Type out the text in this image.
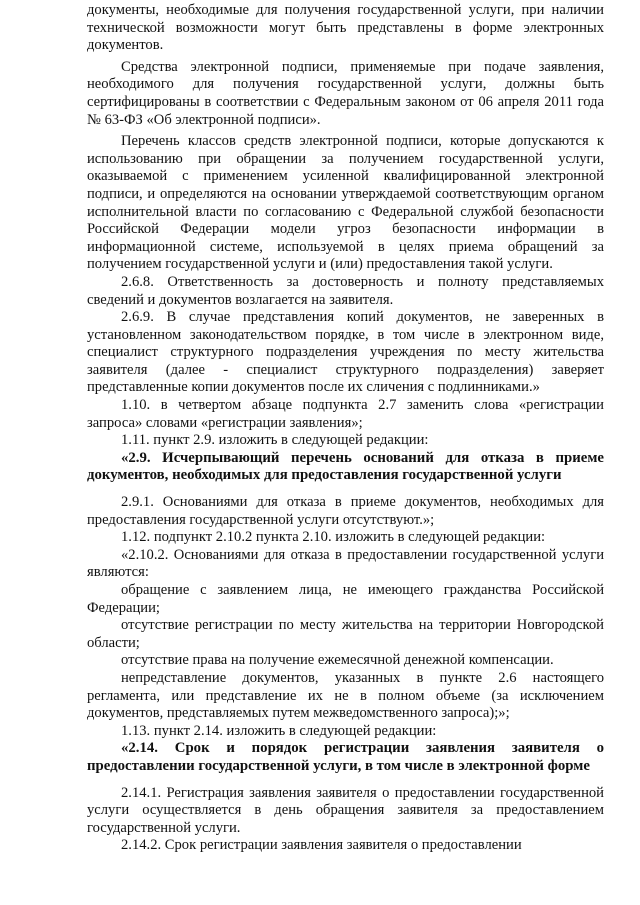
документы, необходимые для получения государственной услуги, при наличии технической возможности могут быть представлены в форме электронных документов.

Средства электронной подписи, применяемые при подаче заявления, необходимого для получения государственной услуги, должны быть сертифицированы в соответствии с Федеральным законом от 06 апреля 2011 года № 63-ФЗ «Об электронной подписи».

Перечень классов средств электронной подписи, которые допускаются к использованию при обращении за получением государственной услуги, оказываемой с применением усиленной квалифицированной электронной подписи, и определяются на основании утверждаемой соответствующим органом исполнительной власти по согласованию с Федеральной службой безопасности Российской Федерации модели угроз безопасности информации в информационной системе, используемой в целях приема обращений за получением государственной услуги и (или) предоставления такой услуги.

2.6.8. Ответственность за достоверность и полноту представляемых сведений и документов возлагается на заявителя.

2.6.9. В случае представления копий документов, не заверенных в установленном законодательством порядке, в том числе в электронном виде, специалист структурного подразделения учреждения по месту жительства заявителя (далее - специалист структурного подразделения) заверяет представленные копии документов после их сличения с подлинниками.»

1.10. в четвертом абзаце подпункта 2.7 заменить слова «регистрации запроса» словами «регистрации заявления»;

1.11. пункт 2.9. изложить в следующей редакции:

«2.9. Исчерпывающий перечень оснований для отказа в приеме документов, необходимых для предоставления государственной услуги

2.9.1. Основаниями для отказа в приеме документов, необходимых для предоставления государственной услуги отсутствуют.»;

1.12. подпункт 2.10.2 пункта 2.10. изложить в следующей редакции:

«2.10.2. Основаниями для отказа в предоставлении государственной услуги являются:

обращение с заявлением лица, не имеющего гражданства Российской Федерации;

отсутствие регистрации по месту жительства на территории Новгородской области;

отсутствие права на получение ежемесячной денежной компенсации.

непредставление документов, указанных в пункте 2.6 настоящего регламента, или представление их не в полном объеме (за исключением документов, представляемых путем межведомственного запроса);»;

1.13. пункт 2.14. изложить в следующей редакции:

«2.14. Срок и порядок регистрации заявления заявителя о предоставлении государственной услуги, в том числе в электронной форме

2.14.1. Регистрация заявления заявителя о предоставлении государственной услуги осуществляется в день обращения заявителя за предоставлением государственной услуги.

2.14.2. Срок регистрации заявления заявителя о предоставлении
